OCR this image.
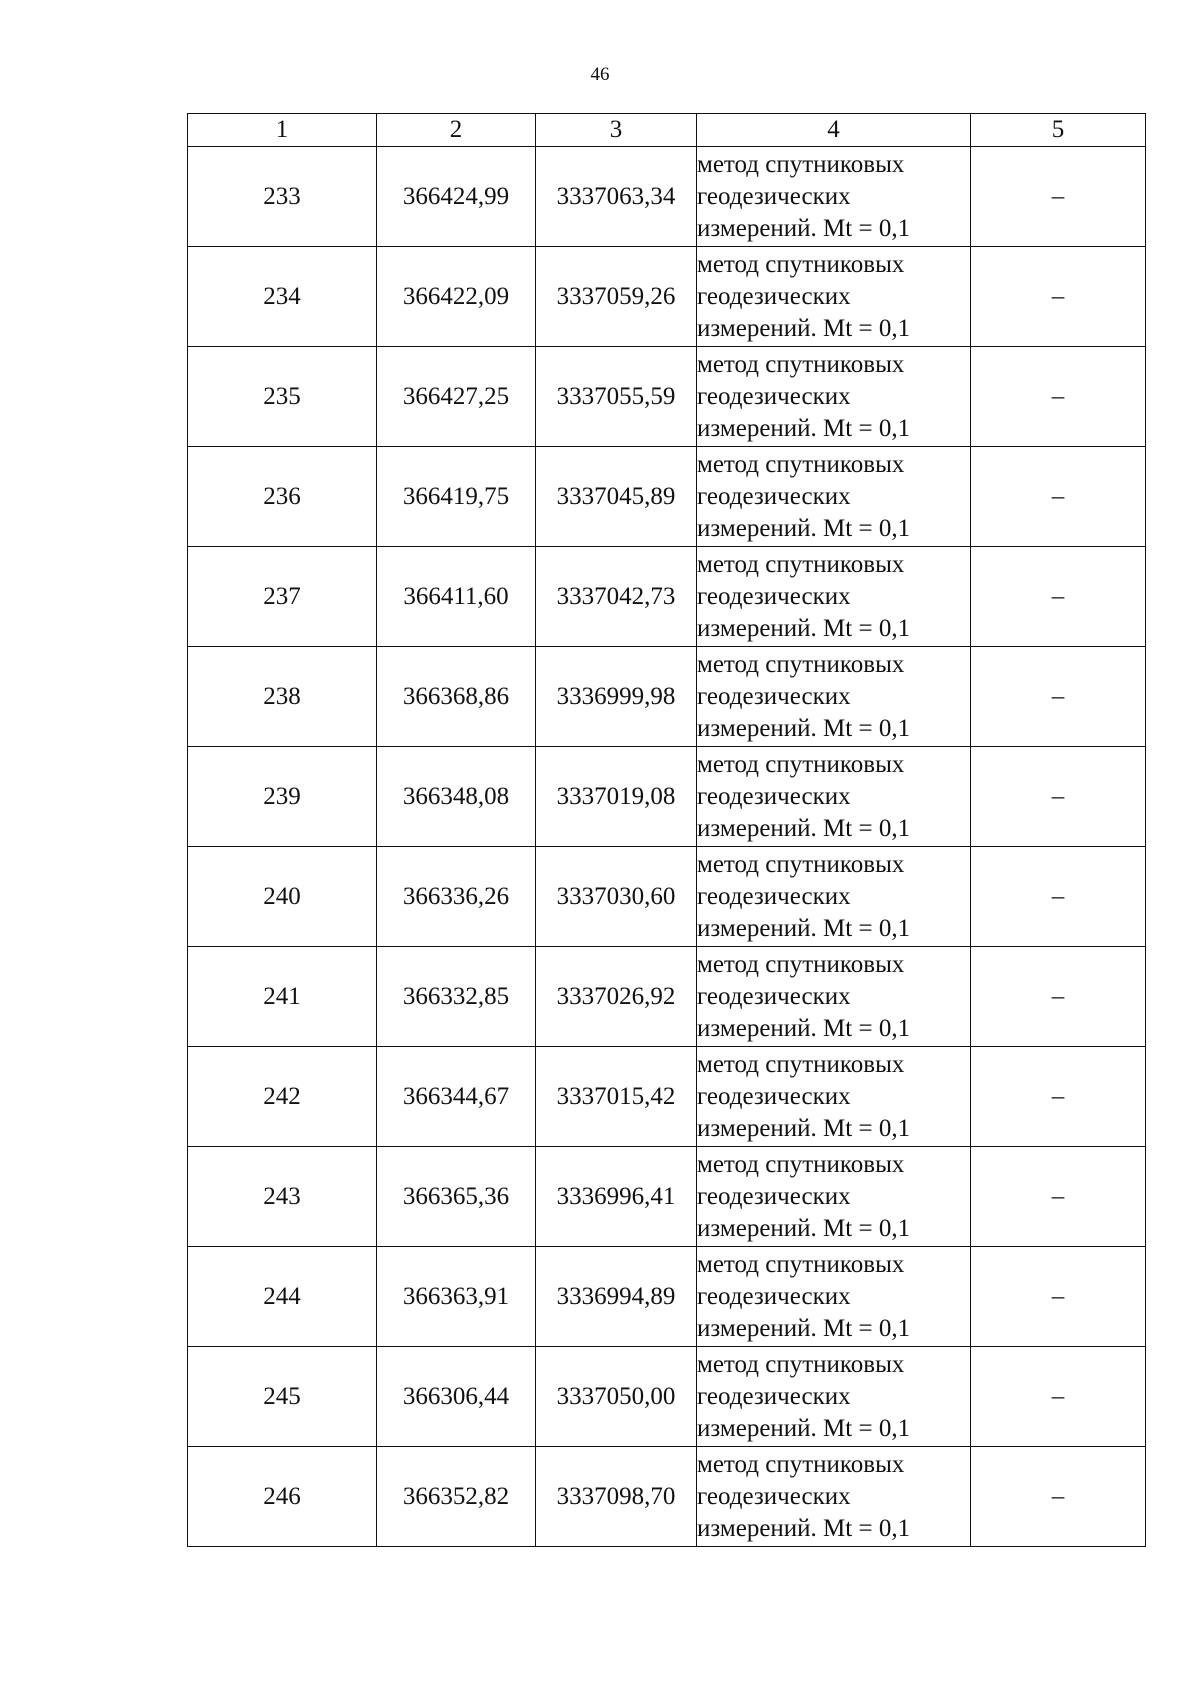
46
1	2	3	4	5
233	366424,99	3337063,34	метод спутниковых
геодезических
измерений. Mt = 0,1	–
234	366422,09	3337059,26	метод спутниковых
геодезических
измерений. Mt = 0,1	–
235	366427,25	3337055,59	метод спутниковых
геодезических
измерений. Mt = 0,1	–
236	366419,75	3337045,89	метод спутниковых
геодезических
измерений. Mt = 0,1	–
237	366411,60	3337042,73	метод спутниковых
геодезических
измерений. Mt = 0,1	–
238	366368,86	3336999,98	метод спутниковых
геодезических
измерений. Mt = 0,1	–
239	366348,08	3337019,08	метод спутниковых
геодезических
измерений. Mt = 0,1	–
240	366336,26	3337030,60	метод спутниковых
геодезических
измерений. Mt = 0,1	–
241	366332,85	3337026,92	метод спутниковых
геодезических
измерений. Mt = 0,1	–
242	366344,67	3337015,42	метод спутниковых
геодезических
измерений. Mt = 0,1	–
243	366365,36	3336996,41	метод спутниковых
геодезических
измерений. Mt = 0,1	–
244	366363,91	3336994,89	метод спутниковых
геодезических
измерений. Mt = 0,1	–
245	366306,44	3337050,00	метод спутниковых
геодезических
измерений. Mt = 0,1	–
246	366352,82	3337098,70	метод спутниковых
геодезических
измерений. Mt = 0,1	–
